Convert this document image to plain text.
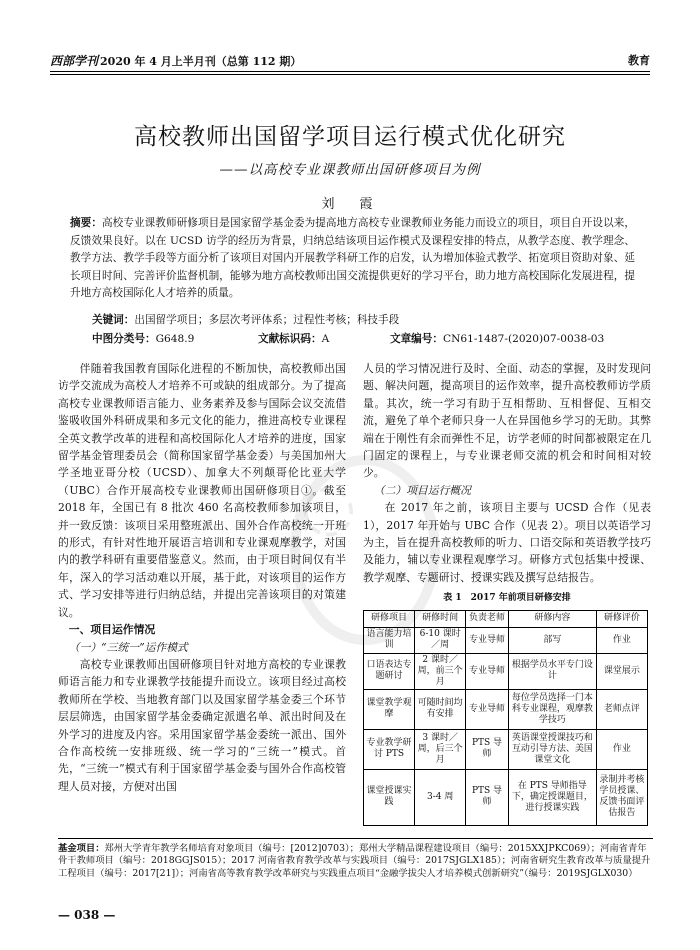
◌
西部学刊 2020 年 4 月上半月刊（总第 112 期）	教育
高校教师出国留学项目运行模式优化研究
——以高校专业课教师出国研修项目为例
刘　霞
摘要：高校专业课教师研修项目是国家留学基金委为提高地方高校专业课教师业务能力而设立的项目，项目自开设以来，反馈效果良好。以在 UCSD 访学的经历为背景，归纳总结该项目运作模式及课程安排的特点，从教学态度、教学理念、教学方法、教学手段等方面分析了该项目对国内开展教学科研工作的启发，认为增加体验式教学、拓宽项目资助对象、延长项目时间、完善评价监督机制，能够为地方高校教师出国交流提供更好的学习平台，助力地方高校国际化发展进程，提升地方高校国际化人才培养的质量。
关键词：出国留学项目；多层次考评体系；过程性考核；科技手段
中图分类号：G648.9	文献标识码：A	文章编号：CN61-1487-(2020)07-0038-03

伴随着我国教育国际化进程的不断加快，高校教师出国访学交流成为高校人才培养不可或缺的组成部分。为了提高高校专业课教师语言能力、业务素养及参与国际会议交流借鉴吸收国外科研成果和多元文化的能力，推进高校专业课程全英文教学改革的进程和高校国际化人才培养的进度，国家留学基金管理委员会（简称国家留学基金委）与美国加州大学圣地亚哥分校（UCSD）、加拿大不列颠哥伦比亚大学（UBC）合作开展高校专业课教师出国研修项目①。截至 2018 年，全国已有 8 批次 460 名高校教师参加该项目，并一致反馈：该项目采用整班派出、国外合作高校统一开班的形式，有针对性地开展语言培训和专业课观摩教学，对国内的教学科研有重要借鉴意义。然而，由于项目时间仅有半年，深入的学习活动难以开展，基于此，对该项目的运作方式、学习安排等进行归纳总结，并提出完善该项目的对策建议。

一、项目运作情况
（一）“三统一”运作模式

高校专业课教师出国研修项目针对地方高校的专业课教师语言能力和专业课教学技能提升而设立。该项目经过高校教师所在学校、当地教育部门以及国家留学基金委三个环节层层筛选，由国家留学基金委确定派遣名单、派出时间及在外学习的进度及内容。采用国家留学基金委统一派出、国外合作高校统一安排班级、统一学习的“三统一”模式。首先，“三统一”模式有利于国家留学基金委与国外合作高校管理人员对接，方便对出国

人员的学习情况进行及时、全面、动态的掌握，及时发现问题、解决问题，提高项目的运作效率，提升高校教师访学质量。其次，统一学习有助于互相帮助、互相督促、互相交流，避免了单个老师只身一人在异国他乡学习的无助。其弊端在于刚性有余而弹性不足，访学老师的时间都被限定在几门固定的课程上，与专业课老师交流的机会和时间相对较少。

（二）项目运行概况

在 2017 年之前，该项目主要与 UCSD 合作（见表 1），2017 年开始与 UBC 合作（见表 2）。项目以英语学习为主，旨在提升高校教师的听力、口语交际和英语教学技巧及能力，辅以专业课程观摩学习。研修方式包括集中授课、教学观摩、专题研讨、授课实践及撰写总结报告。

表 1　2017 年前项目研修安排
研修项目	研修时间	负责老师	研修内容	研修评价
语言能力培训	6-10 课时／周	专业导师	部写	作业
口语表达专题研讨	2 课时／周，前三个月	专业导师	根据学员水平专门设计	课堂展示
课堂教学观摩	可随时间均有安排	专业导师	每位学员选择一门本科专业课程，观摩教学技巧	老师点评
专业教学研讨 PTS	3 课时／周，后三个月	PTS 导师	英语课堂授课技巧和互动引导方法、美国课堂文化	作业
课堂授课实践	3-4 周	PTS 导师	在 PTS 导师指导下，确定授课题目，进行授课实践	录制并考核学员授课、反馈书面评估报告
基金项目：郑州大学青年教学名师培育对象项目（编号：[2012]0703）；郑州大学精品课程建设项目（编号：2015XXJPKC069）；河南省青年骨干教师项目（编号：2018GGJS015）；2017 河南省教育教学改革与实践项目（编号：2017SJGLX185）；河南省研究生教育改革与质量提升工程项目（编号：2017[21]）；河南省高等教育教学改革研究与实践重点项目“金融学拔尖人才培养模式创新研究”（编号：2019SJGLX030）
— 038 —
